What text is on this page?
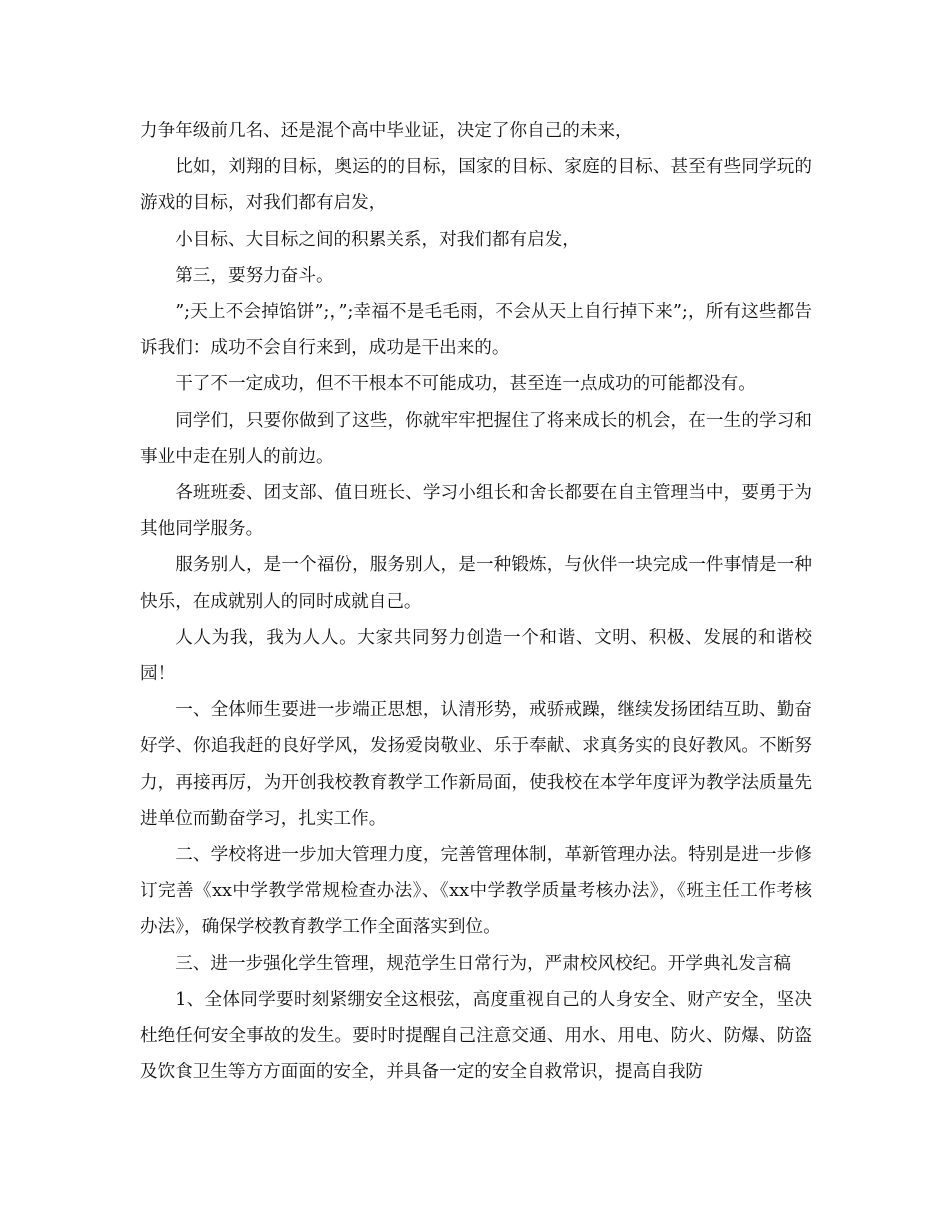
力争年级前几名、还是混个高中毕业证，决定了你自己的未来，

比如，刘翔的目标，奥运的的目标，国家的目标、家庭的目标、甚至有些同学玩的游戏的目标，对我们都有启发，

小目标、大目标之间的积累关系，对我们都有启发，

第三，要努力奋斗。

”;天上不会掉馅饼”;，”;幸福不是毛毛雨，不会从天上自行掉下来”;，所有这些都告诉我们：成功不会自行来到，成功是干出来的。

干了不一定成功，但不干根本不可能成功，甚至连一点成功的可能都没有。

同学们，只要你做到了这些，你就牢牢把握住了将来成长的机会，在一生的学习和事业中走在别人的前边。

各班班委、团支部、值日班长、学习小组长和舍长都要在自主管理当中，要勇于为其他同学服务。

服务别人，是一个福份，服务别人，是一种锻炼，与伙伴一块完成一件事情是一种快乐，在成就别人的同时成就自己。

人人为我，我为人人。大家共同努力创造一个和谐、文明、积极、发展的和谐校园！

一、全体师生要进一步端正思想，认清形势，戒骄戒躁，继续发扬团结互助、勤奋好学、你追我赶的良好学风，发扬爱岗敬业、乐于奉献、求真务实的良好教风。不断努力，再接再厉，为开创我校教育教学工作新局面，使我校在本学年度评为教学法质量先进单位而勤奋学习，扎实工作。

二、学校将进一步加大管理力度，完善管理体制，革新管理办法。特别是进一步修订完善《xx中学教学常规检查办法》、《xx中学教学质量考核办法》，《班主任工作考核办法》，确保学校教育教学工作全面落实到位。

三、进一步强化学生管理，规范学生日常行为，严肃校风校纪。开学典礼发言稿

1、全体同学要时刻紧绷安全这根弦，高度重视自己的人身安全、财产安全，坚决杜绝任何安全事故的发生。要时时提醒自己注意交通、用水、用电、防火、防爆、防盗及饮食卫生等方方面面的安全，并具备一定的安全自救常识，提高自我防
